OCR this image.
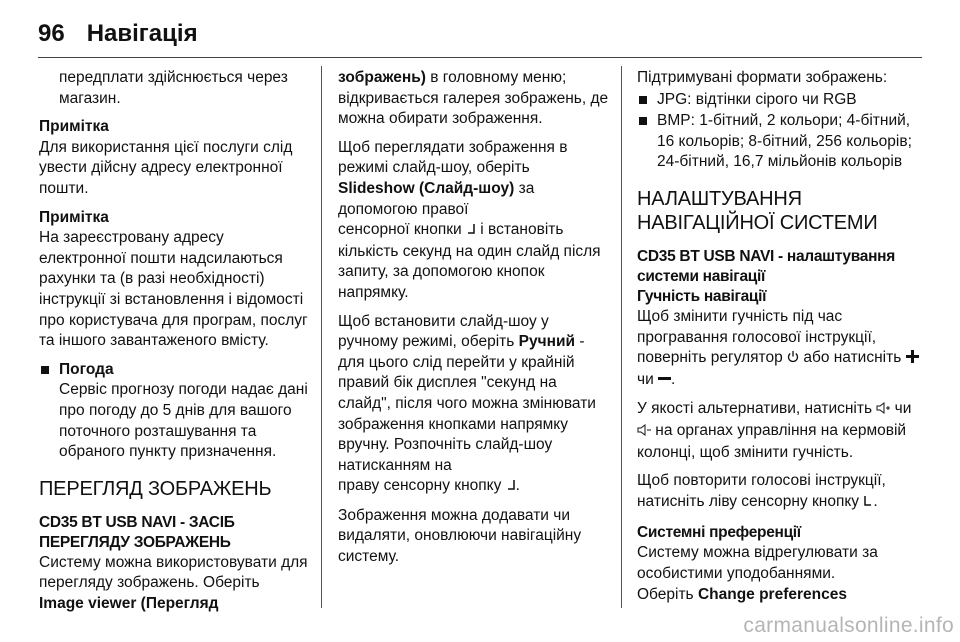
96 Навігація

передплати здійснюється через магазин.

Примітка

Для використання цієї послуги слід увести дійсну адресу електронної пошти.

Примітка

На зареєстровану адресу електронної пошти надсилаються рахунки та (в разі необхідності) інструкції зі встановлення і відомості про користувача для програм, послуг та іншого завантаженого вмісту.

Погода
Сервіс прогнозу погоди надає дані про погоду до 5 днів для вашого поточного розташування та обраного пункту призначення.
ПЕРЕГЛЯД ЗОБРАЖЕНЬ
CD35 BT USB NAVI - ЗАСІБ ПЕРЕГЛЯДУ ЗОБРАЖЕНЬ

Систему можна використовувати для перегляду зображень. Оберіть
Image viewer (Перегляд

зображень) в головному меню; відкривається галерея зображень, де можна обирати зображення.

Щоб переглядати зображення в режимі слайд-шоу, оберіть
Slideshow (Слайд-шоу) за допомогою правої
сенсорної кнопки  і встановіть кількість секунд на один слайд після запиту, за допомогою кнопок напрямку.

Щоб встановити слайд-шоу у ручному режимі, оберіть Ручний - для цього слід перейти у крайній правий бік дисплея "секунд на слайд", після чого можна змінювати зображення кнопками напрямку вручну. Розпочніть слайд-шоу натисканням на
праву сенсорну кнопку .

Зображення можна додавати чи видаляти, оновлюючи навігаційну систему.

Підтримувані формати зображень:
JPG: відтінки сірого чи RGB
BMP: 1-бітний, 2 кольори; 4-бітний, 16 кольорів; 8-бітний, 256 кольорів; 24-бітний, 16,7 мільйонів кольорів
НАЛАШТУВАННЯ
НАВІГАЦІЙНОЇ СИСТЕМИ
CD35 BT USB NAVI - налаштування системи навігації
Гучність навігації

Щоб змінити гучність під час програвання голосової інструкції, поверніть регулятор  або натисніть  чи .

У якості альтернативи, натисніть  чи  на органах управління на кермовій колонці, щоб змінити гучність.

Щоб повторити голосові інструкції, натисніть ліву сенсорну кнопку .

Системні преференції
Систему можна відрегулювати за особистими уподобаннями.
Оберіть Change preferences
carmanualsonline.info
